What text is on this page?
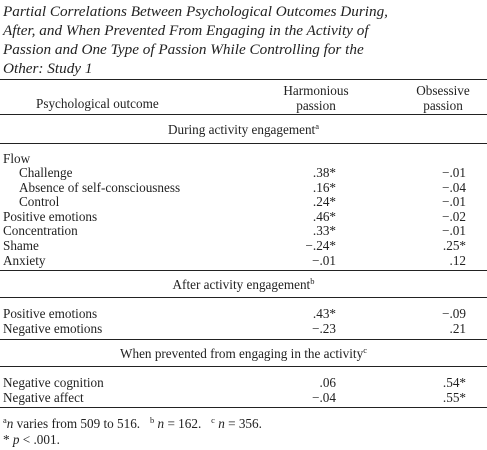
Partial Correlations Between Psychological Outcomes During,
After, and When Prevented From Engaging in the Activity of
Passion and One Type of Passion While Controlling for the
Other: Study 1
Psychological outcome
Harmonious
passion
Obsessive
passion
During activity engagement$^a$
Flow
Challenge	.38*	−.01
Absence of self-consciousness	.16*	−.04
Control	.24*	−.01
Positive emotions	.46*	−.02
Concentration	.33*	−.01
Shame	−.24*	.25*
Anxiety	−.01	.12
After activity engagement$^b$
Positive emotions	.43*	−.09
Negative emotions	−.23	.21
When prevented from engaging in the activity$^c$
Negative cognition	.06	.54*
Negative affect	−.04	.55*
$^a$n varies from 509 to 516. $^b$ n = 162. $^c$ n = 356.
* p < .001.
